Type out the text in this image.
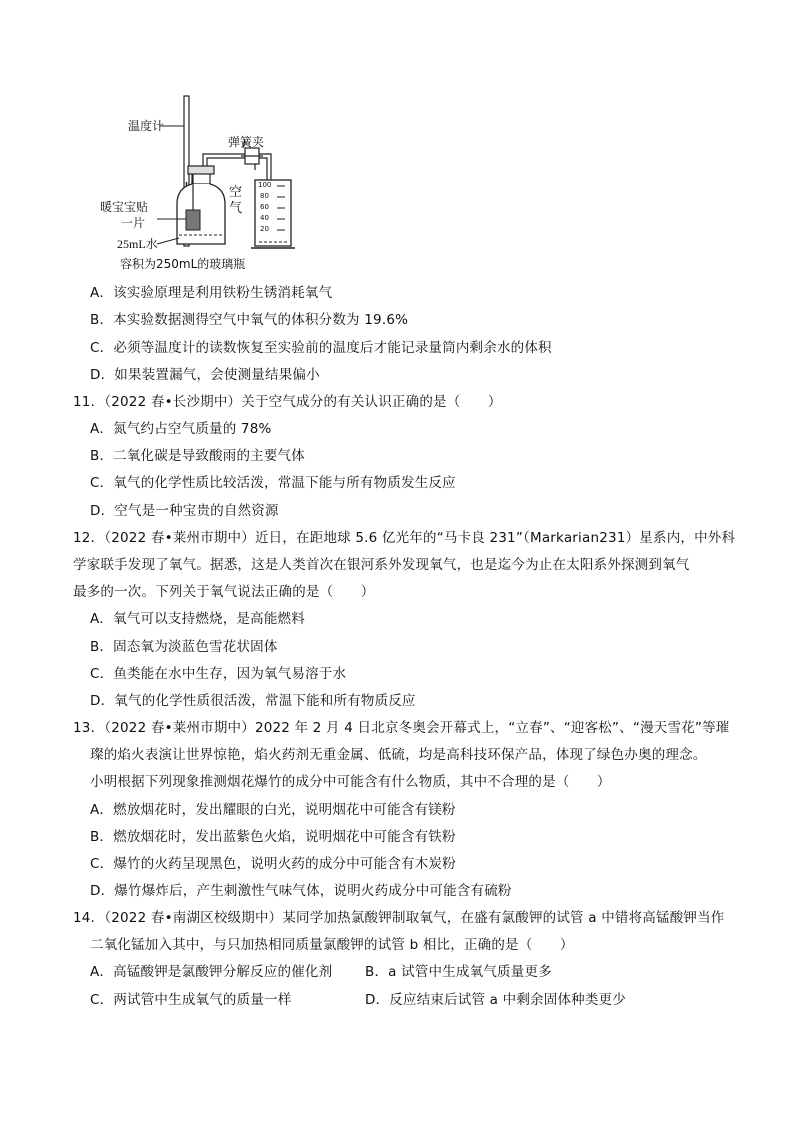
温度计
弹簧夹
暖宝宝贴
一片
空
气
25mL水
容积为250mL的玻璃瓶
100
80
60
40
20
A．该实验原理是利用铁粉生锈消耗氧气
B．本实验数据测得空气中氧气的体积分数为 19.6%
C．必须等温度计的读数恢复至实验前的温度后才能记录量筒内剩余水的体积
D．如果装置漏气，会使测量结果偏小
11．（2022 春•长沙期中）关于空气成分的有关认识正确的是（　　）
A．氮气约占空气质量的 78%
B．二氧化碳是导致酸雨的主要气体
C．氧气的化学性质比较活泼，常温下能与所有物质发生反应
D．空气是一种宝贵的自然资源
12．（2022 春•莱州市期中）近日，在距地球 5.6 亿光年的“马卡良 231”（Markarian231）星系内，中外科
学家联手发现了氧气。据悉，这是人类首次在银河系外发现氧气，也是迄今为止在太阳系外探测到氧气
最多的一次。下列关于氧气说法正确的是（　　）
A．氧气可以支持燃烧，是高能燃料
B．固态氧为淡蓝色雪花状固体
C．鱼类能在水中生存，因为氧气易溶于水
D．氧气的化学性质很活泼，常温下能和所有物质反应
13．（2022 春•莱州市期中）2022 年 2 月 4 日北京冬奥会开幕式上，“立春”、“迎客松”、“漫天雪花”等璀
璨的焰火表演让世界惊艳，焰火药剂无重金属、低硫，均是高科技环保产品，体现了绿色办奥的理念。
小明根据下列现象推测烟花爆竹的成分中可能含有什么物质，其中不合理的是（　　）
A．燃放烟花时，发出耀眼的白光，说明烟花中可能含有镁粉
B．燃放烟花时，发出蓝紫色火焰，说明烟花中可能含有铁粉
C．爆竹的火药呈现黑色，说明火药的成分中可能含有木炭粉
D．爆竹爆炸后，产生刺激性气味气体，说明火药成分中可能含有硫粉
14．（2022 春•南湖区校级期中）某同学加热氯酸钾制取氧气，在盛有氯酸钾的试管 a 中错将高锰酸钾当作
二氧化锰加入其中，与只加热相同质量氯酸钾的试管 b 相比，正确的是（　　）
A．高锰酸钾是氯酸钾分解反应的催化剂 B．a 试管中生成氧气质量更多
C．两试管中生成氧气的质量一样	D．反应结束后试管 a 中剩余固体种类更少
